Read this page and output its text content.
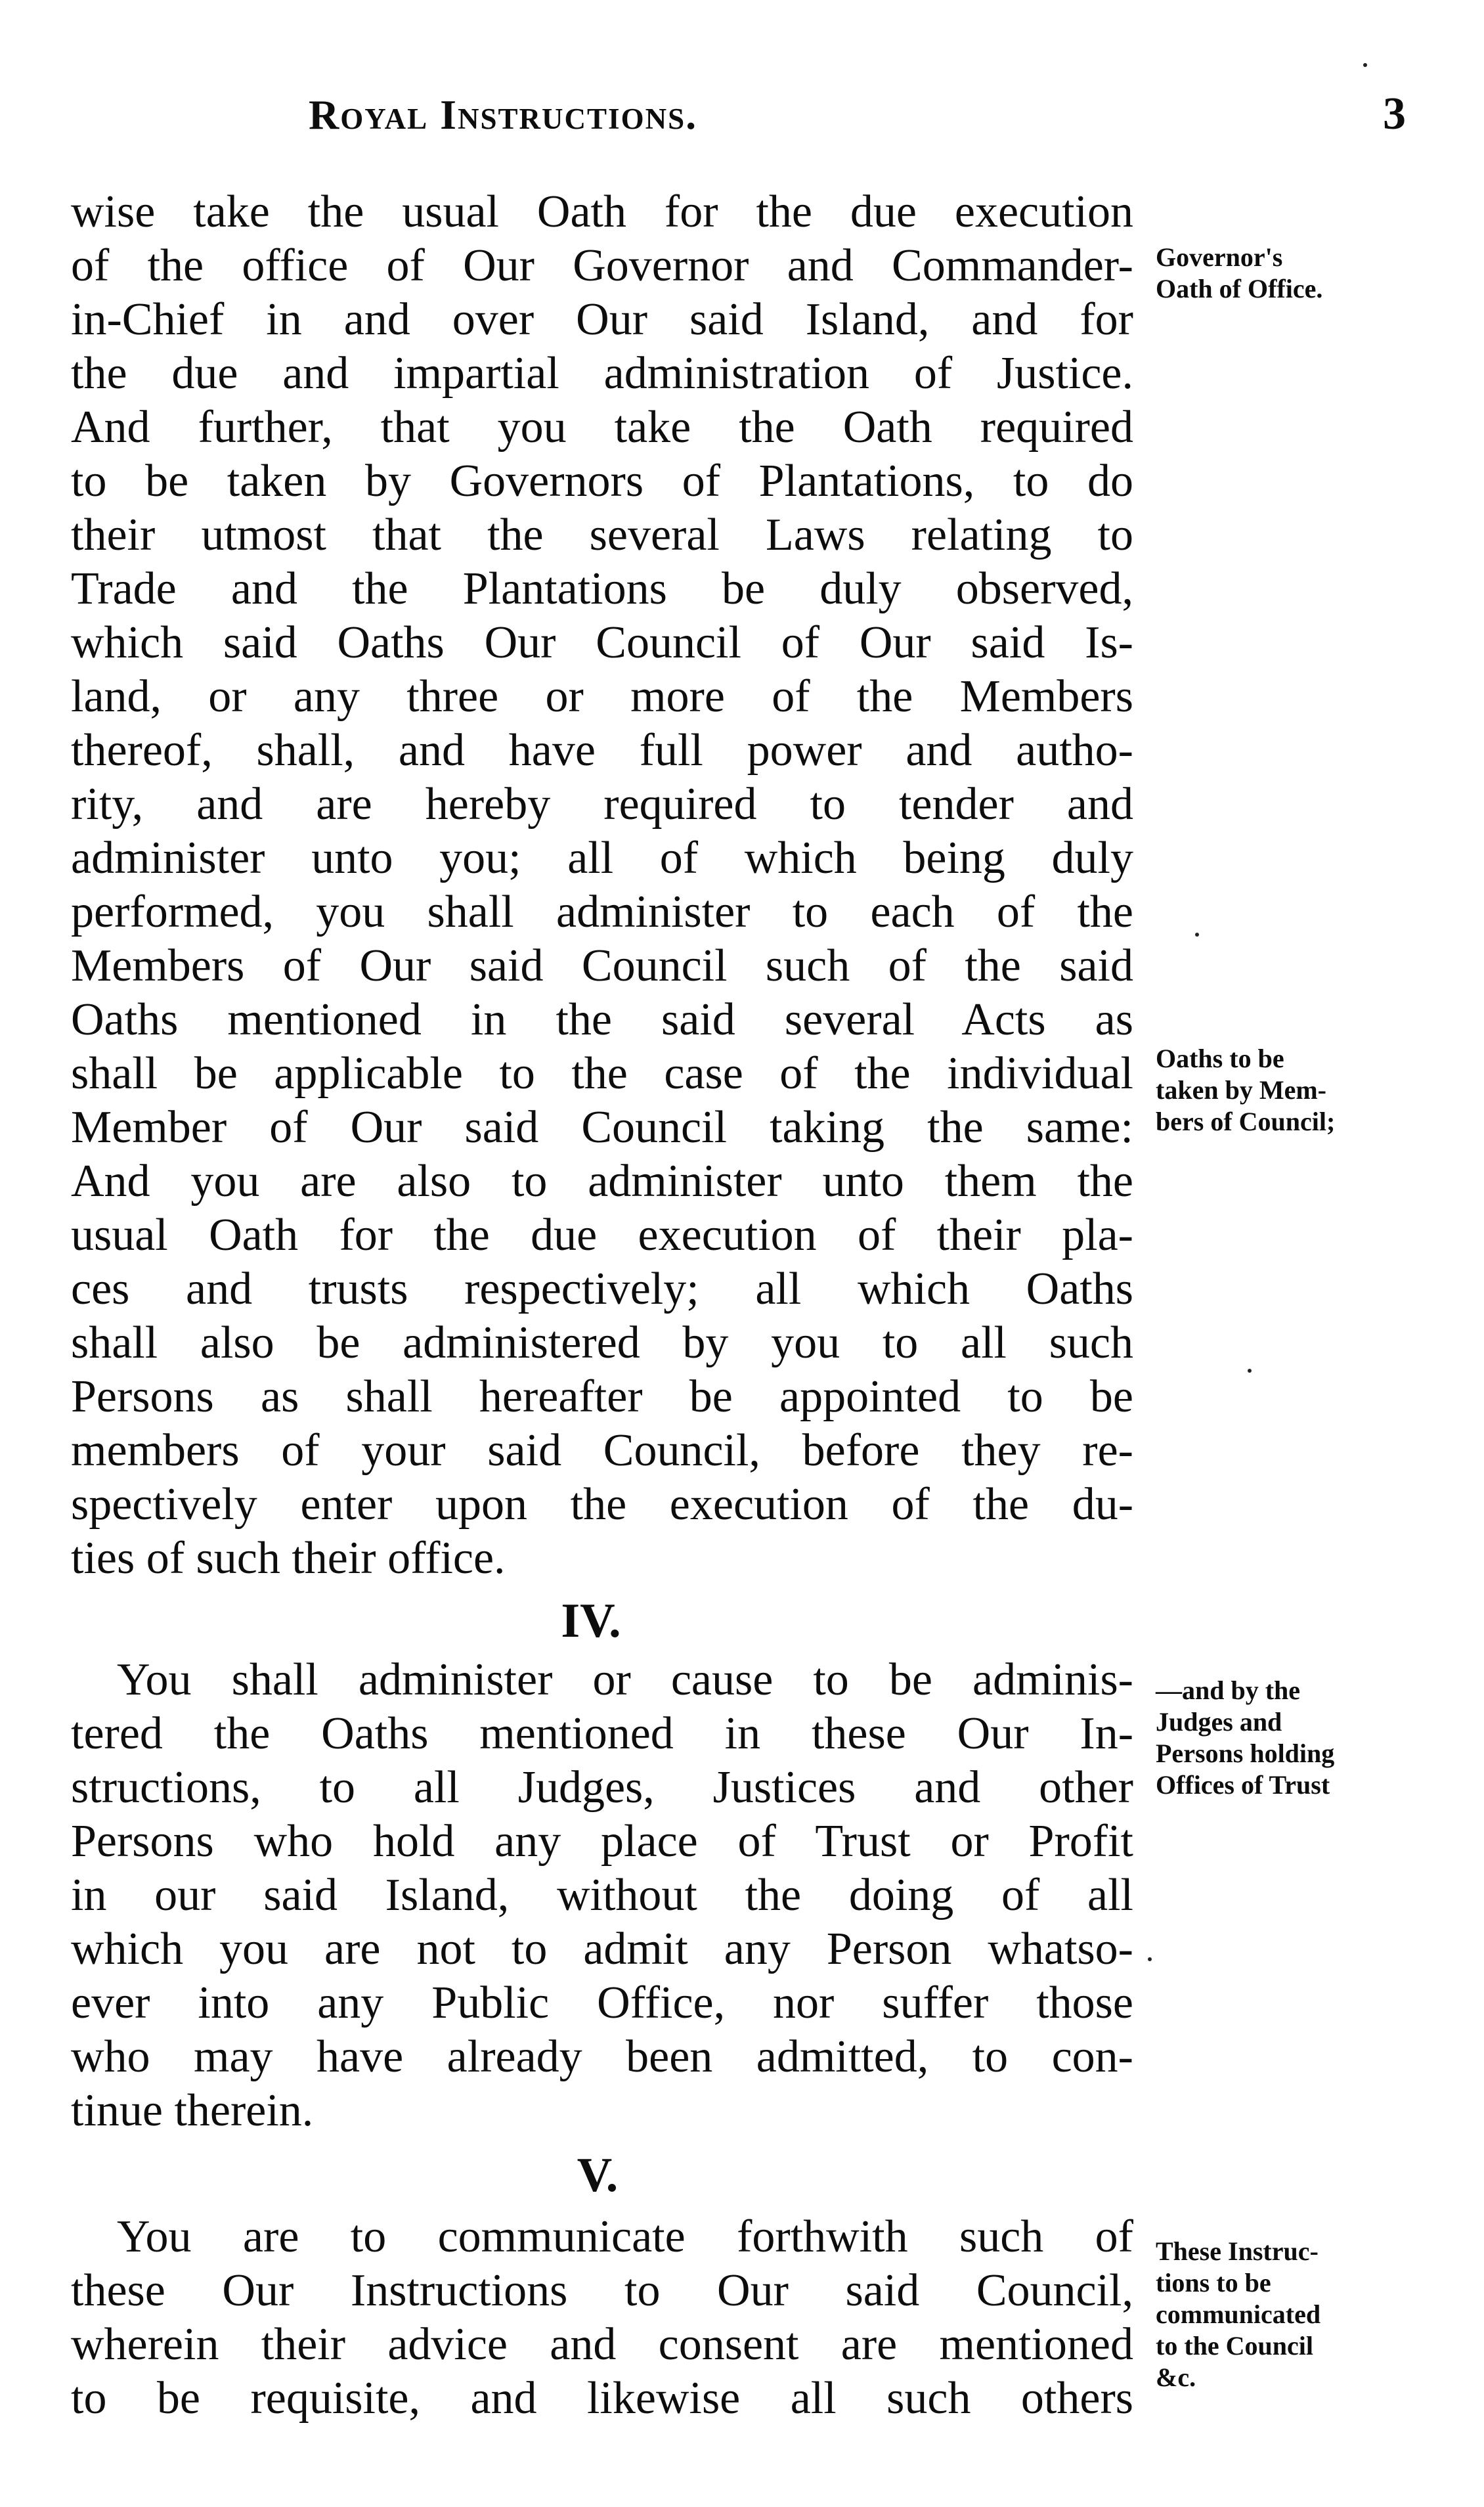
Royal Instructions.	3
wise take the usual Oath for the due execution
of the office of Our Governor and Commander-
in-Chief in and over Our said Island, and for
the due and impartial administration of Justice.
And further, that you take the Oath required
to be taken by Governors of Plantations, to do
their utmost that the several Laws relating to
Trade and the Plantations be duly observed,
which said Oaths Our Council of Our said Is-
land, or any three or more of the Members
thereof, shall, and have full power and autho-
rity, and are hereby required to tender and
administer unto you; all of which being duly
performed, you shall administer to each of the
Members of Our said Council such of the said
Oaths mentioned in the said several Acts as
shall be applicable to the case of the individual
Member of Our said Council taking the same:
And you are also to administer unto them the
usual Oath for the due execution of their pla-
ces and trusts respectively; all which Oaths
shall also be administered by you to all such
Persons as shall hereafter be appointed to be
members of your said Council, before they re-
spectively enter upon the execution of the du-
ties of such their office.
IV.
You shall administer or cause to be adminis-
tered the Oaths mentioned in these Our In-
structions, to all Judges, Justices and other
Persons who hold any place of Trust or Profit
in our said Island, without the doing of all
which you are not to admit any Person whatso-
ever into any Public Office, nor suffer those
who may have already been admitted, to con-
tinue therein.
V.
You are to communicate forthwith such of
these Our Instructions to Our said Council,
wherein their advice and consent are mentioned
to be requisite, and likewise all such others
Governor's
Oath of Office.
Oaths to be
taken by Mem-
bers of Council;
—and by the
Judges and
Persons holding
Offices of Trust
These Instruc-
tions to be
communicated
to the Council
&c.
